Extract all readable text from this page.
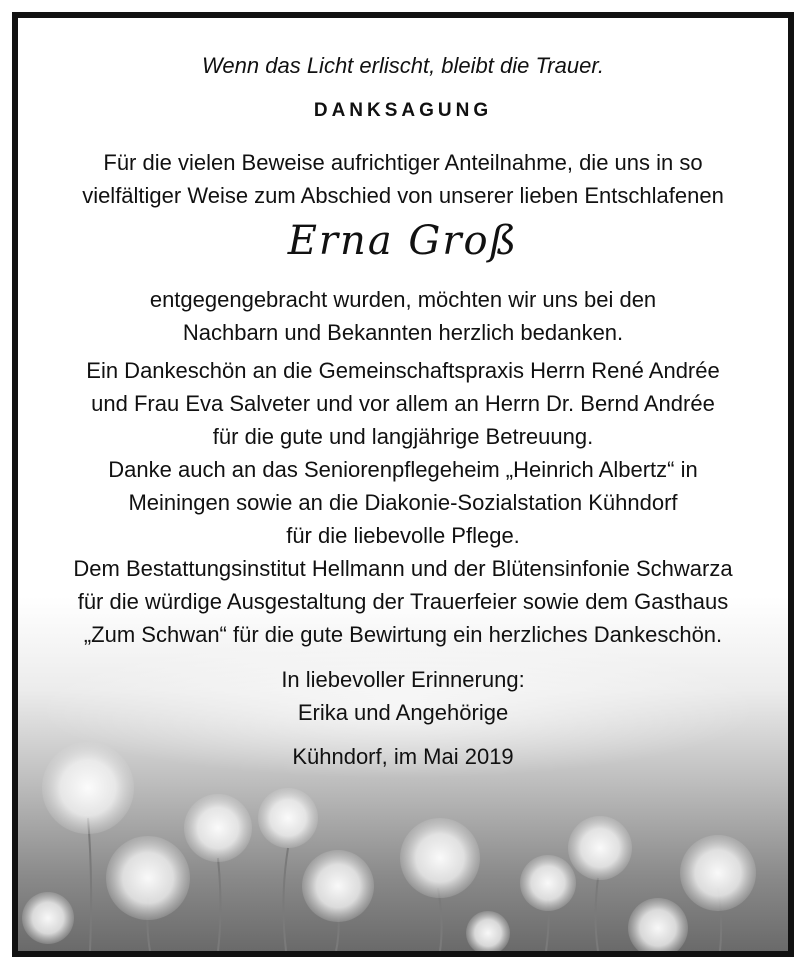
Wenn das Licht erlischt, bleibt die Trauer.
DANKSAGUNG
Für die vielen Beweise aufrichtiger Anteilnahme, die uns in so
vielfältiger Weise zum Abschied von unserer lieben Entschlafenen
Erna Groß
entgegengebracht wurden, möchten wir uns bei den
Nachbarn und Bekannten herzlich bedanken.
Ein Dankeschön an die Gemeinschaftspraxis Herrn René Andrée
und Frau Eva Salveter und vor allem an Herrn Dr. Bernd Andrée
für die gute und langjährige Betreuung.
Danke auch an das Seniorenpflegeheim „Heinrich Albertz“ in
Meiningen sowie an die Diakonie-Sozialstation Kühndorf
für die liebevolle Pflege.
Dem Bestattungsinstitut Hellmann und der Blütensinfonie Schwarza
für die würdige Ausgestaltung der Trauerfeier sowie dem Gasthaus
„Zum Schwan“ für die gute Bewirtung ein herzliches Dankeschön.
In liebevoller Erinnerung:
Erika und Angehörige
Kühndorf, im Mai 2019
